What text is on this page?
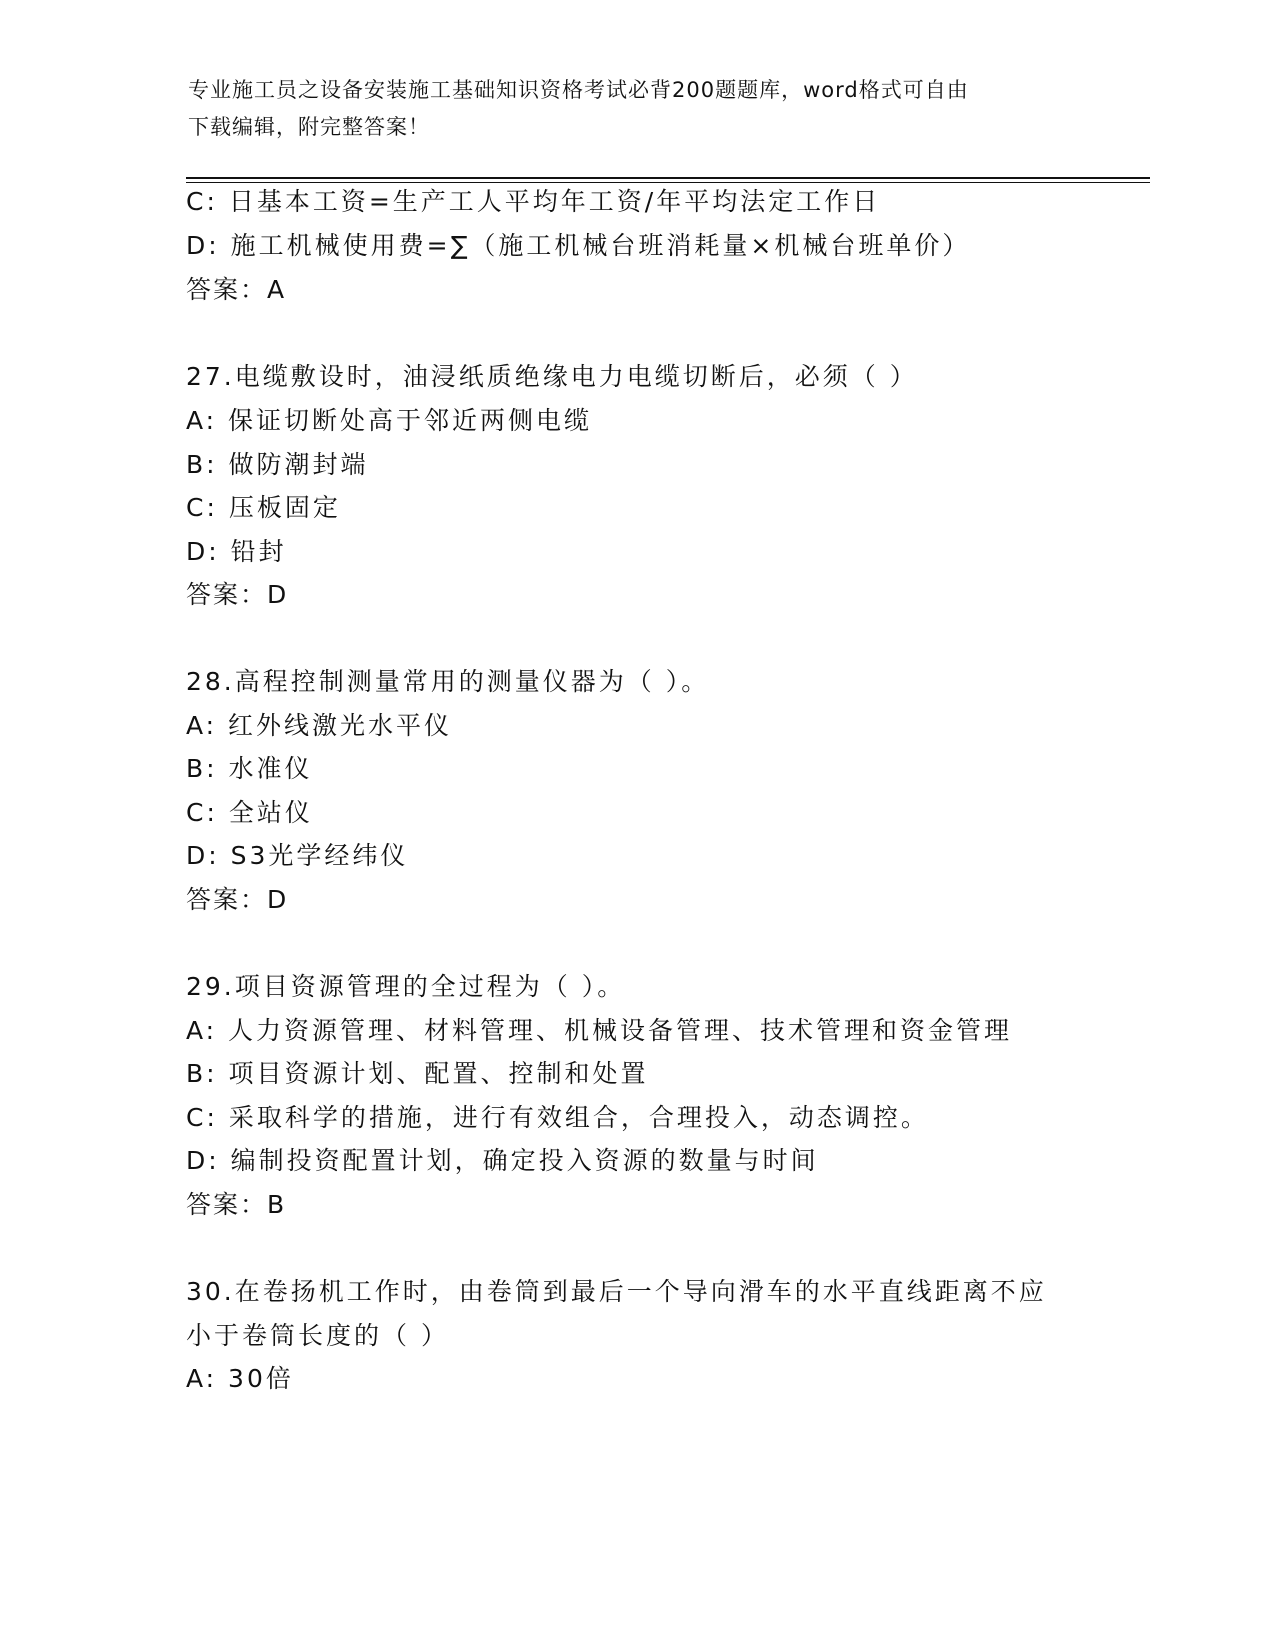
专业施工员之设备安装施工基础知识资格考试必背200题题库，word格式可自由
下载编辑，附完整答案！
C: 日基本工资=生产工人平均年工资/年平均法定工作日
D: 施工机械使用费=∑（施工机械台班消耗量×机械台班单价）
答案：A
27.电缆敷设时，油浸纸质绝缘电力电缆切断后，必须（ ）
A: 保证切断处高于邻近两侧电缆
B: 做防潮封端
C: 压板固定
D: 铅封
答案：D
28.高程控制测量常用的测量仪器为（ ）。
A: 红外线激光水平仪
B: 水准仪
C: 全站仪
D: S3光学经纬仪
答案：D
29.项目资源管理的全过程为（ ）。
A: 人力资源管理、材料管理、机械设备管理、技术管理和资金管理
B: 项目资源计划、配置、控制和处置
C: 采取科学的措施，进行有效组合，合理投入，动态调控。
D: 编制投资配置计划，确定投入资源的数量与时间
答案：B
30.在卷扬机工作时，由卷筒到最后一个导向滑车的水平直线距离不应
小于卷筒长度的（ ）
A: 30倍
